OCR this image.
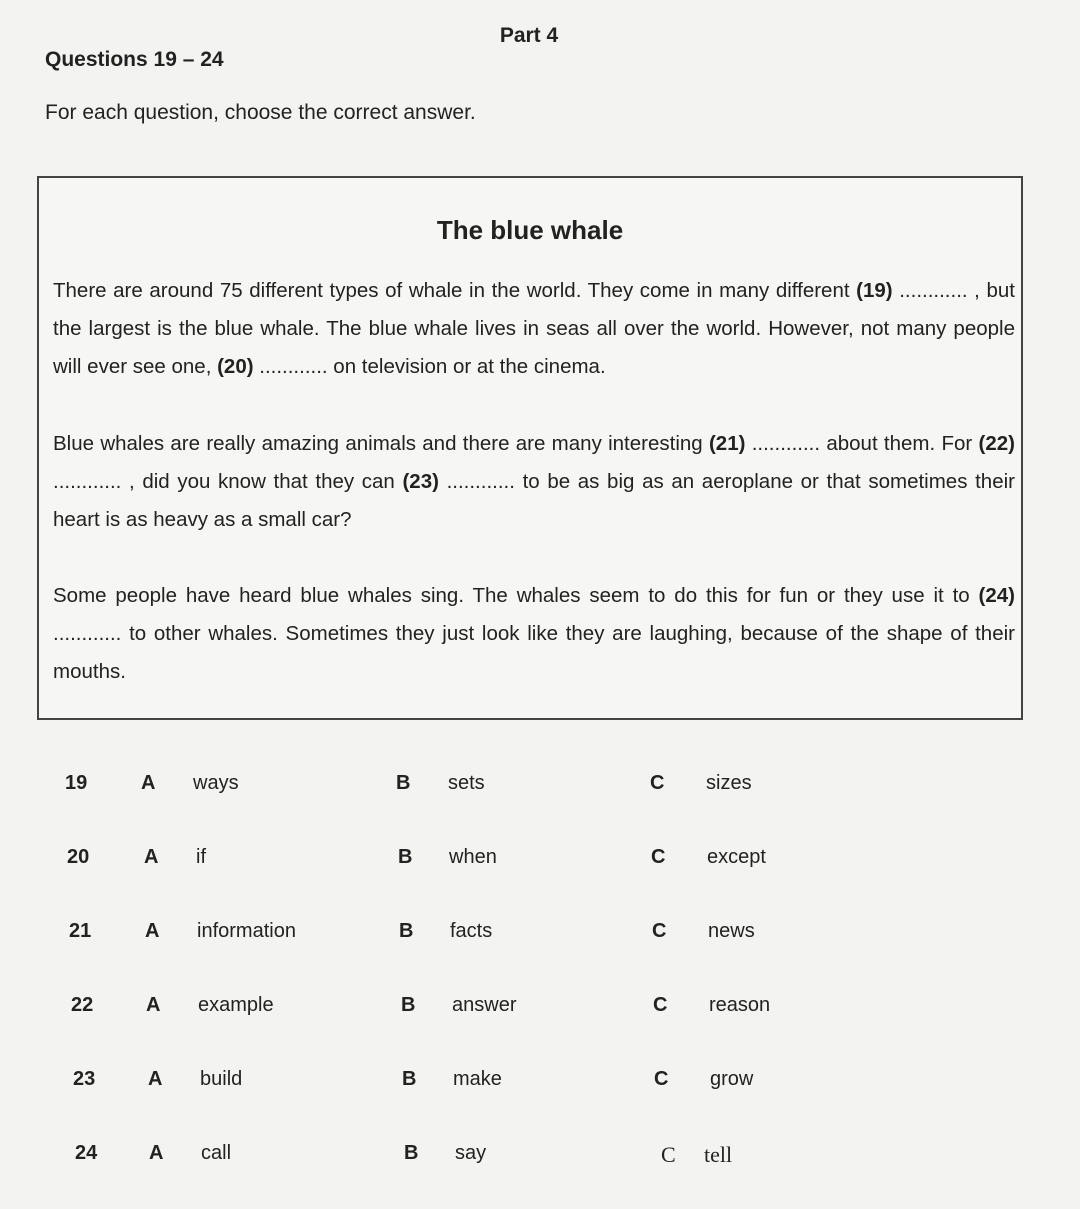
Part 4
Questions 19 – 24
For each question, choose the correct answer.
The blue whale
There are around 75 different types of whale in the world. They come in many different (19) ............ , but the largest is the blue whale. The blue whale lives in seas all over the world. However, not many people will ever see one, (20) ............ on television or at the cinema.
Blue whales are really amazing animals and there are many interesting (21) ............ about them. For (22) ............ , did you know that they can (23) ............ to be as big as an aeroplane or that sometimes their heart is as heavy as a small car?
Some people have heard blue whales sing. The whales seem to do this for fun or they use it to (24) ............ to other whales. Sometimes they just look like they are laughing, because of the shape of their mouths.
19	A ways	B sets	C sizes
20	A if	B when	C except
21	A information	B facts	C news
22	A example	B answer	C reason
23	A build	B make	C grow
24	A call	B say	C tell
